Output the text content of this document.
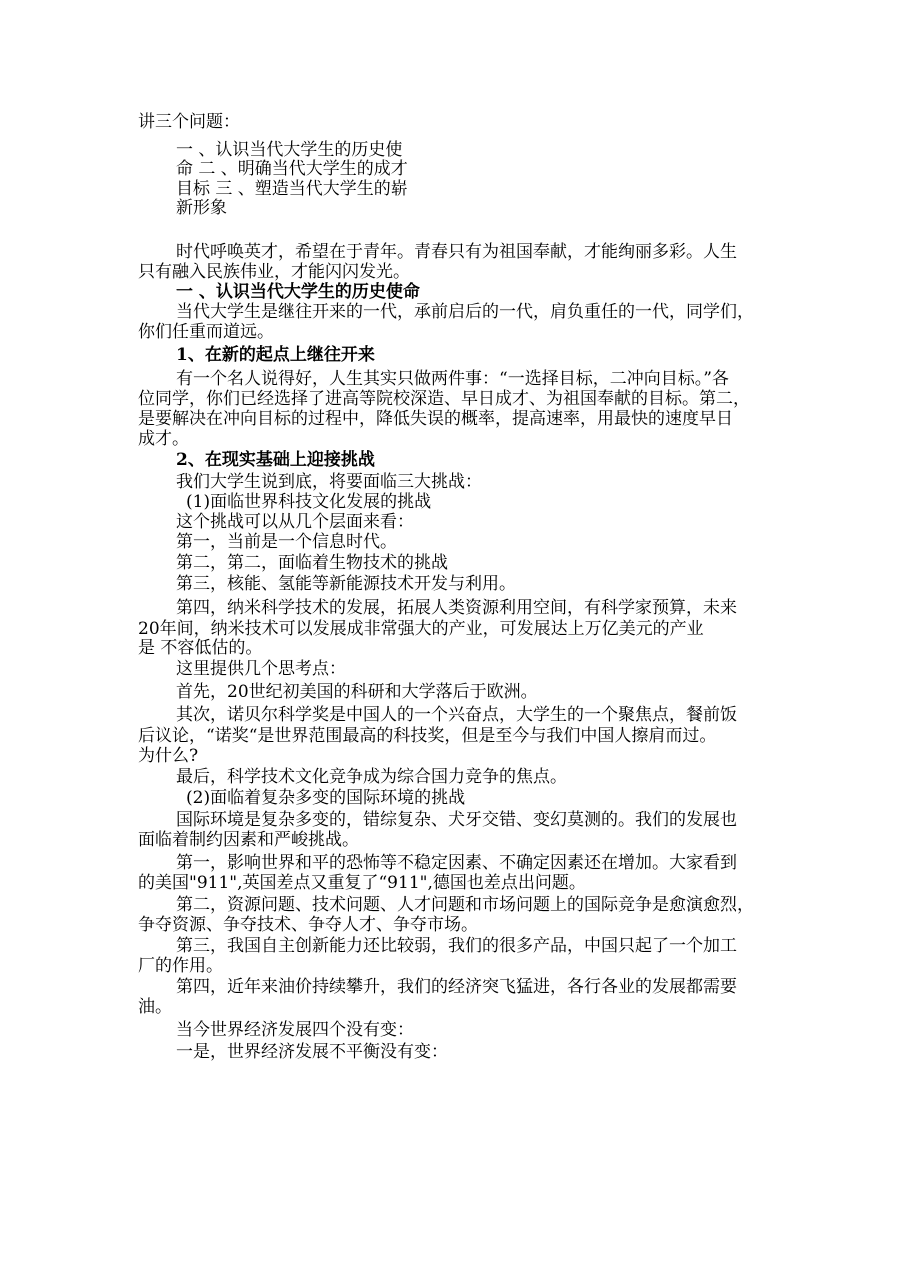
讲三个问题：

一 、认识当代大学生的历史使

命 二 、明确当代大学生的成才

目标 三 、塑造当代大学生的崭

新形象

时代呼唤英才，希望在于青年。青春只有为祖国奉献，才能绚丽多彩。人生

只有融入民族伟业，才能闪闪发光。

一 、认识当代大学生的历史使命

当代大学生是继往开来的一代，承前启后的一代，肩负重任的一代，同学们，

你们任重而道远。

1、在新的起点上继往开来

有一个名人说得好，人生其实只做两件事：“一选择目标，二冲向目标。”各

位同学，你们已经选择了进高等院校深造、早日成才、为祖国奉献的目标。第二，

是要解决在冲向目标的过程中，降低失误的概率，提高速率，用最快的速度早日

成才。

2、在现实基础上迎接挑战

我们大学生说到底，将要面临三大挑战：

(1)面临世界科技文化发展的挑战

这个挑战可以从几个层面来看：

第一，当前是一个信息时代。

第二，第二，面临着生物技术的挑战

第三，核能、氢能等新能源技术开发与利用。

第四，纳米科学技术的发展，拓展人类资源利用空间，有科学家预算，未来

20年间，纳米技术可以发展成非常强大的产业，可发展达上万亿美元的产业

是 不容低估的。

这里提供几个思考点：

首先，20世纪初美国的科研和大学落后于欧洲。

其次，诺贝尔科学奖是中国人的一个兴奋点，大学生的一个聚焦点，餐前饭

后议论，“诺奖“是世界范围最高的科技奖，但是至今与我们中国人擦肩而过。

为什么?

最后，科学技术文化竞争成为综合国力竞争的焦点。

(2)面临着复杂多变的国际环境的挑战

国际环境是复杂多变的，错综复杂、犬牙交错、变幻莫测的。我们的发展也

面临着制约因素和严峻挑战。

第一，影响世界和平的恐怖等不稳定因素、不确定因素还在增加。大家看到

的美国"911",英国差点又重复了“911",德国也差点出问题。

第二，资源问题、技术问题、人才问题和市场问题上的国际竞争是愈演愈烈，

争夺资源、争夺技术、争夺人才、争夺市场。

第三，我国自主创新能力还比较弱，我们的很多产品，中国只起了一个加工

厂的作用。

第四，近年来油价持续攀升，我们的经济突飞猛进，各行各业的发展都需要

油。

当今世界经济发展四个没有变：

一是，世界经济发展不平衡没有变：
